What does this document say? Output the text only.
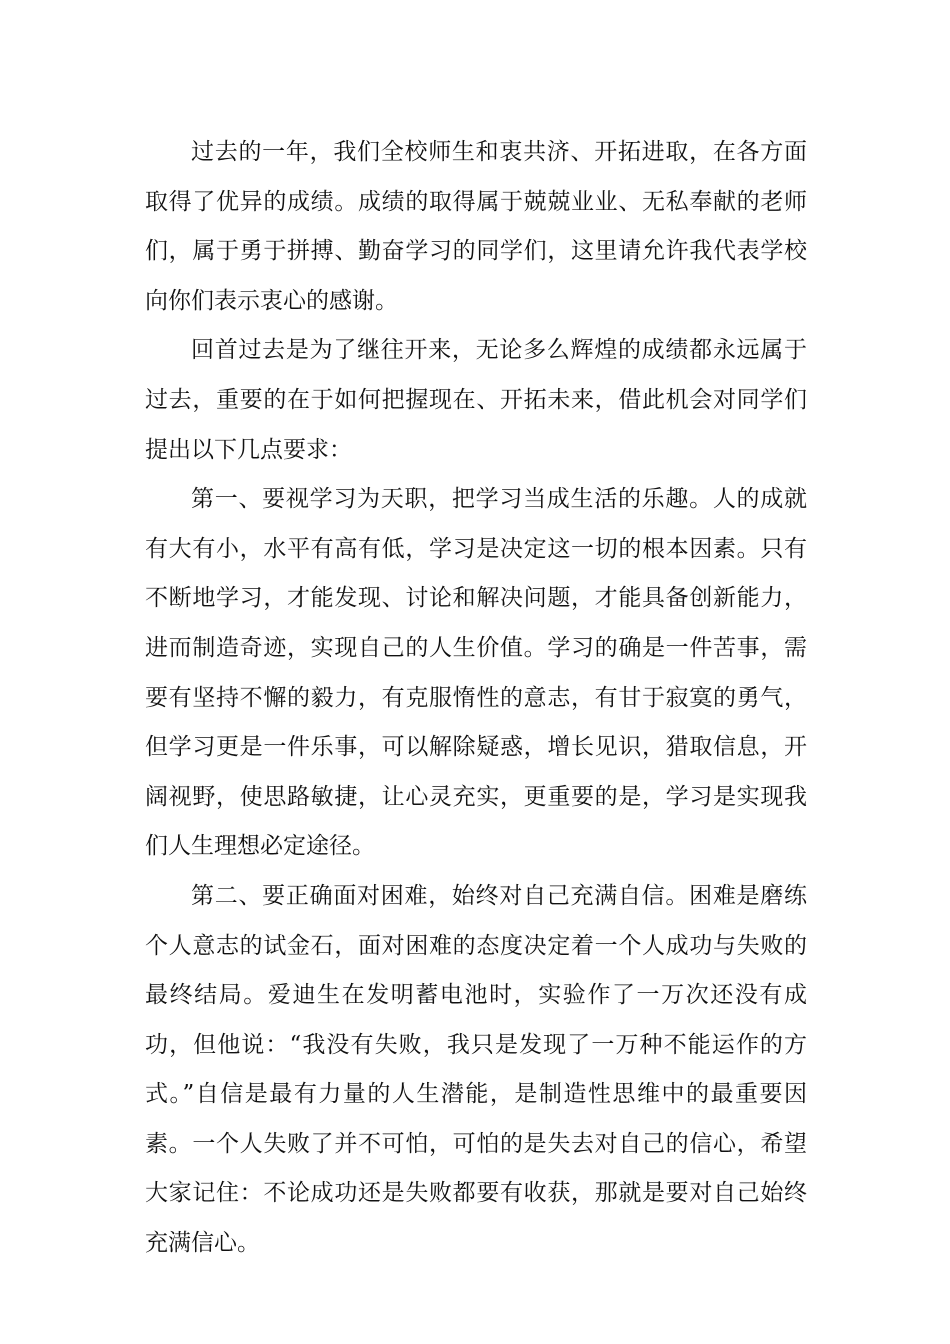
过去的一年，我们全校师生和衷共济、开拓进取，在各方面取得了优异的成绩。成绩的取得属于兢兢业业、无私奉献的老师们，属于勇于拼搏、勤奋学习的同学们，这里请允许我代表学校向你们表示衷心的感谢。

回首过去是为了继往开来，无论多么辉煌的成绩都永远属于过去，重要的在于如何把握现在、开拓未来，借此机会对同学们提出以下几点要求：

第一、要视学习为天职，把学习当成生活的乐趣。人的成就有大有小，水平有高有低，学习是决定这一切的根本因素。只有不断地学习，才能发现、讨论和解决问题，才能具备创新能力，进而制造奇迹，实现自己的人生价值。学习的确是一件苦事，需要有坚持不懈的毅力，有克服惰性的意志，有甘于寂寞的勇气，但学习更是一件乐事，可以解除疑惑，增长见识，猎取信息，开阔视野，使思路敏捷，让心灵充实，更重要的是，学习是实现我们人生理想必定途径。

第二、要正确面对困难，始终对自己充满自信。困难是磨练个人意志的试金石，面对困难的态度决定着一个人成功与失败的最终结局。爱迪生在发明蓄电池时，实验作了一万次还没有成功，但他说：“我没有失败，我只是发现了一万种不能运作的方式。”自信是最有力量的人生潜能，是制造性思维中的最重要因素。一个人失败了并不可怕，可怕的是失去对自己的信心，希望大家记住：不论成功还是失败都要有收获，那就是要对自己始终充满信心。
